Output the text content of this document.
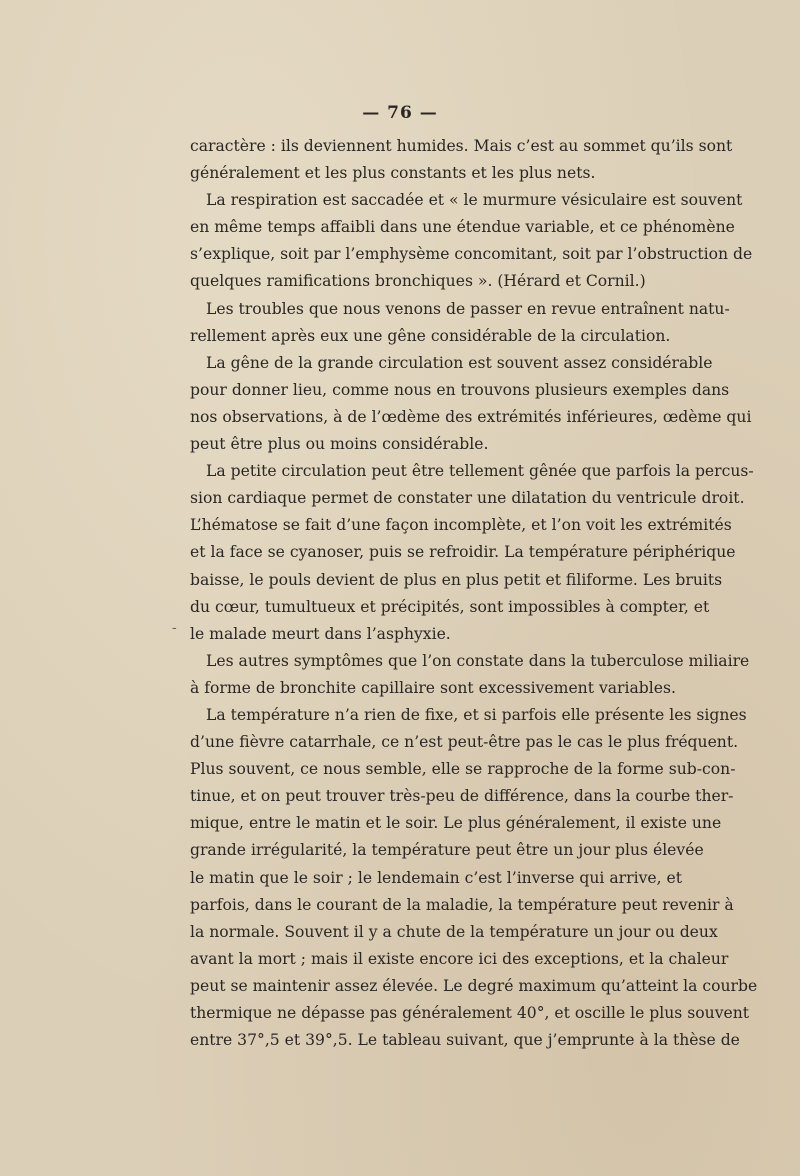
— 76 —
-
caractère : ils deviennent humides. Mais c’est au sommet qu’ils sont
généralement et les plus constants et les plus nets.
La respiration est saccadée et « le murmure vésiculaire est souvent
en même temps affaibli dans une étendue variable, et ce phénomène
s’explique, soit par l’emphysème concomitant, soit par l’obstruction de
quelques ramifications bronchiques ». (Hérard et Cornil.)
Les troubles que nous venons de passer en revue entraînent natu-
rellement après eux une gêne considérable de la circulation.
La gêne de la grande circulation est souvent assez considérable
pour donner lieu, comme nous en trouvons plusieurs exemples dans
nos observations, à de l’œdème des extrémités inférieures, œdème qui
peut être plus ou moins considérable.
La petite circulation peut être tellement gênée que parfois la percus-
sion cardiaque permet de constater une dilatation du ventricule droit.
L’hématose se fait d’une façon incomplète, et l’on voit les extrémités
et la face se cyanoser, puis se refroidir. La température périphérique
baisse, le pouls devient de plus en plus petit et filiforme. Les bruits
du cœur, tumultueux et précipités, sont impossibles à compter, et
le malade meurt dans l’asphyxie.
Les autres symptômes que l’on constate dans la tuberculose miliaire
à forme de bronchite capillaire sont excessivement variables.
La température n’a rien de fixe, et si parfois elle présente les signes
d’une fièvre catarrhale, ce n’est peut-être pas le cas le plus fréquent.
Plus souvent, ce nous semble, elle se rapproche de la forme sub-con-
tinue, et on peut trouver très-peu de différence, dans la courbe ther-
mique, entre le matin et le soir. Le plus généralement, il existe une
grande irrégularité, la température peut être un jour plus élevée
le matin que le soir ; le lendemain c’est l’inverse qui arrive, et
parfois, dans le courant de la maladie, la température peut revenir à
la normale. Souvent il y a chute de la température un jour ou deux
avant la mort ; mais il existe encore ici des exceptions, et la chaleur
peut se maintenir assez élevée. Le degré maximum qu’atteint la courbe
thermique ne dépasse pas généralement 40°, et oscille le plus souvent
entre 37°,5 et 39°,5. Le tableau suivant, que j’emprunte à la thèse de
